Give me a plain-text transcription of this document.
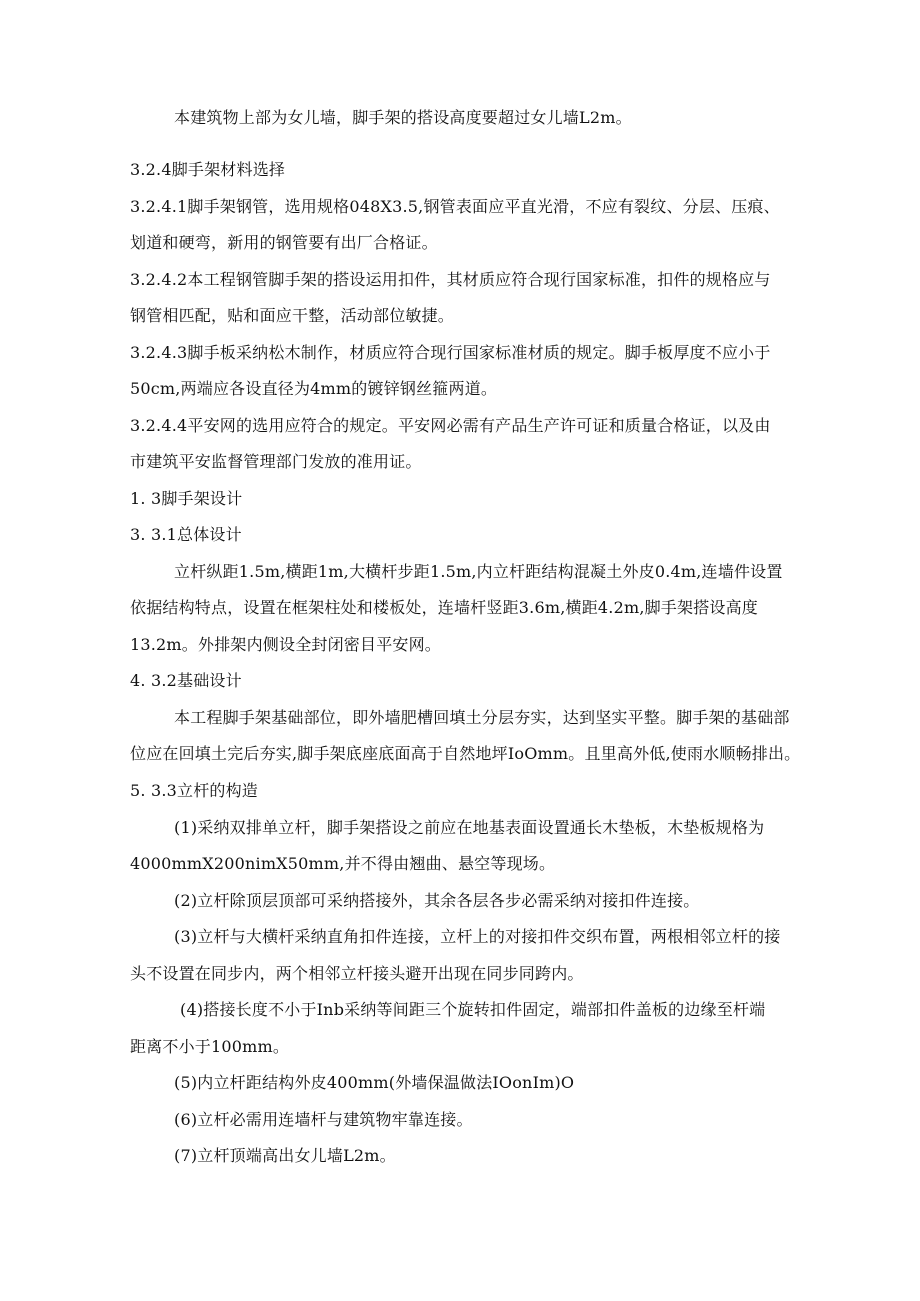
本建筑物上部为女儿墙，脚手架的搭设高度要超过女儿墙L2m。
3.2.4脚手架材料选择
3.2.4.1脚手架钢管，选用规格048X3.5,钢管表面应平直光滑，不应有裂纹、分层、压痕、
划道和硬弯，新用的钢管要有出厂合格证。
3.2.4.2本工程钢管脚手架的搭设运用扣件，其材质应符合现行国家标准，扣件的规格应与
钢管相匹配，贴和面应干整，活动部位敏捷。
3.2.4.3脚手板采纳松木制作，材质应符合现行国家标准材质的规定。脚手板厚度不应小于
50cm,两端应各设直径为4mm的镀锌钢丝箍两道。
3.2.4.4平安网的选用应符合的规定。平安网必需有产品生产许可证和质量合格证，以及由
市建筑平安监督管理部门发放的准用证。
1. 3脚手架设计
3. 3.1总体设计
立杆纵距1.5m,横距1m,大横杆步距1.5m,内立杆距结构混凝土外皮0.4m,连墙件设置
依据结构特点，设置在框架柱处和楼板处，连墙杆竖距3.6m,横距4.2m,脚手架搭设高度
13.2m。外排架内侧设全封闭密目平安网。
4. 3.2基础设计
本工程脚手架基础部位，即外墙肥槽回填土分层夯实，达到坚实平整。脚手架的基础部
位应在回填土完后夯实,脚手架底座底面高于自然地坪IoOmm。且里高外低,使雨水顺畅排出。
5. 3.3立杆的构造
(1)采纳双排单立杆，脚手架搭设之前应在地基表面设置通长木垫板，木垫板规格为
4000mmX200nimX50mm,并不得由翘曲、悬空等现场。
(2)立杆除顶层顶部可采纳搭接外，其余各层各步必需采纳对接扣件连接。
(3)立杆与大横杆采纳直角扣件连接，立杆上的对接扣件交织布置，两根相邻立杆的接
头不设置在同步内，两个相邻立杆接头避开出现在同步同跨内。
(4)搭接长度不小于Inb采纳等间距三个旋转扣件固定，端部扣件盖板的边缘至杆端
距离不小于100mm。
(5)内立杆距结构外皮400mm(外墙保温做法IOonIm)O
(6)立杆必需用连墙杆与建筑物牢靠连接。
(7)立杆顶端高出女儿墙L2m。
